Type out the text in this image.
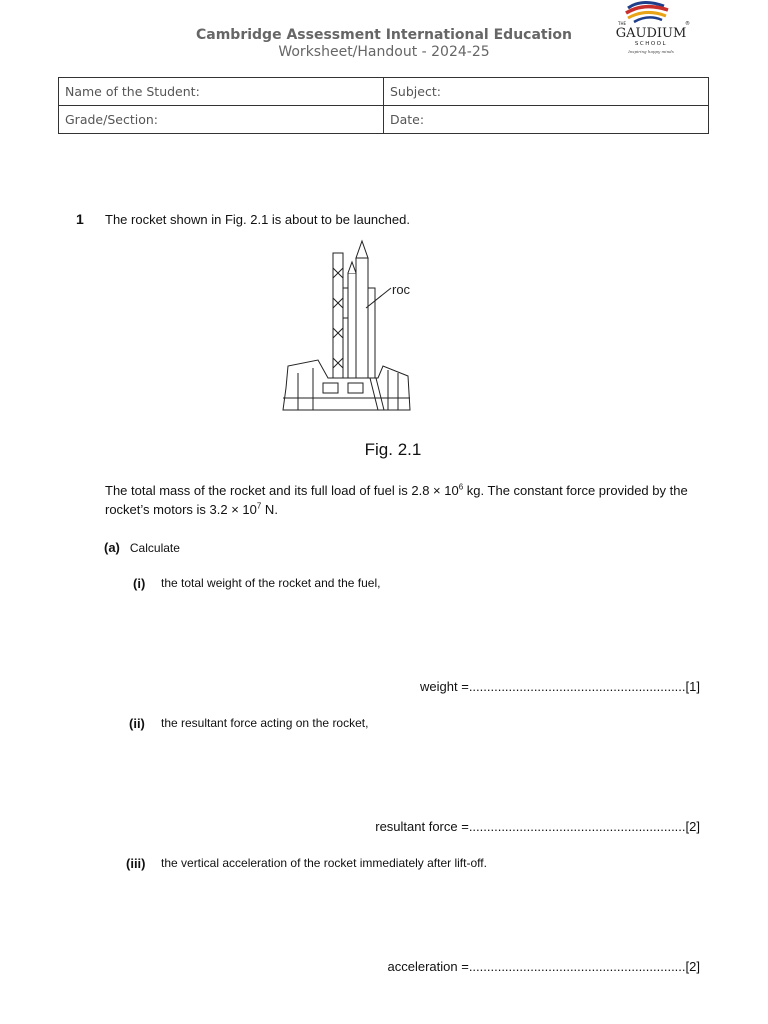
Cambridge Assessment International Education
Worksheet/Handout - 2024-25
THE	®
GAUDIUM
SCHOOL
Inspiring happy minds
Name of the Student:	Subject:
Grade/Section:	Date:
1 The rocket shown in Fig. 2.1 is about to be launched.
roc
Fig. 2.1
The total mass of the rocket and its full load of fuel is $2.8 \times 10^6$ kg. The constant force provided by the rocket’s motors is $3.2 \times 10^7$ N.
(a) Calculate
(i) the total weight of the rocket and the fuel,
weight =............................................................[1]
(ii) the resultant force acting on the rocket,
resultant force =............................................................[2]
(iii) the vertical acceleration of the rocket immediately after lift-off.
acceleration =............................................................[2]
